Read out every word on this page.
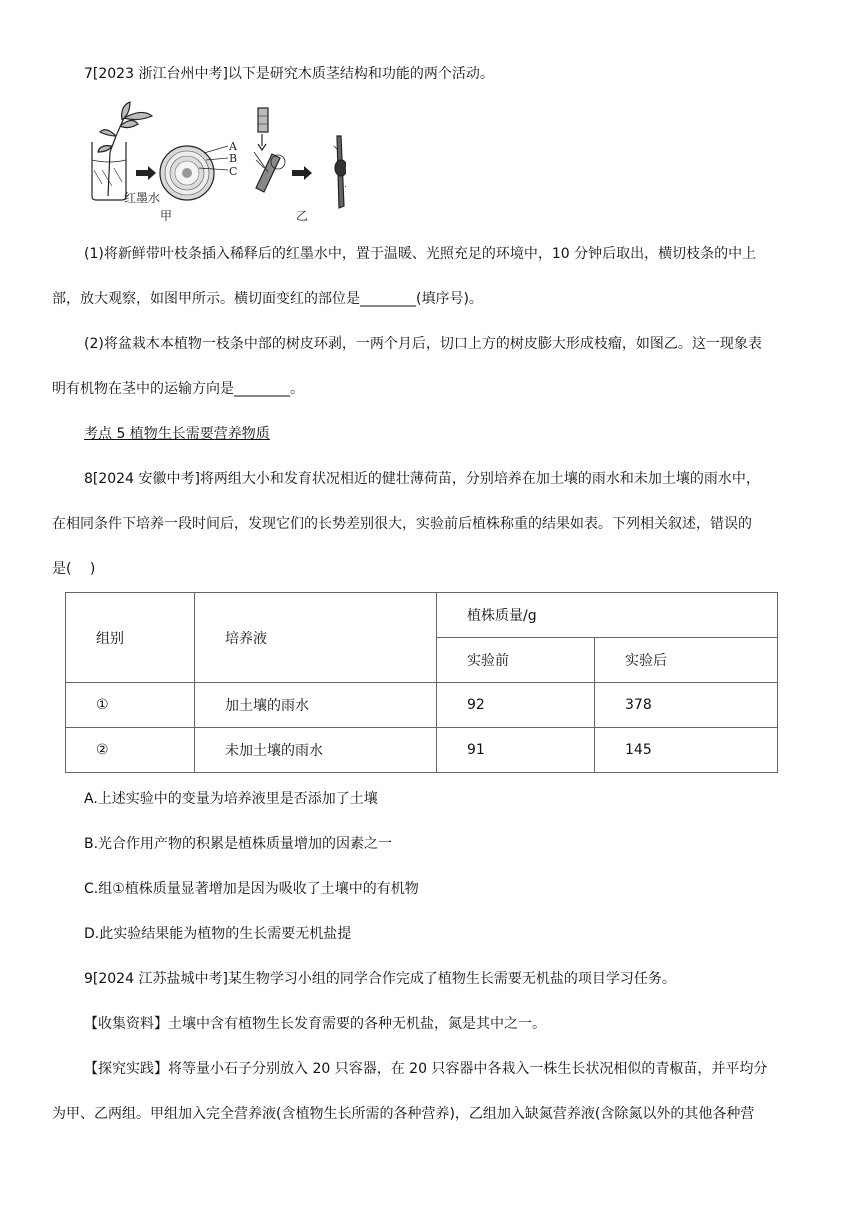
7[2023 浙江台州中考]以下是研究木质茎结构和功能的两个活动。
A
B
C
红墨水
甲	乙
(1)将新鲜带叶枝条插入稀释后的红墨水中，置于温暖、光照充足的环境中，10 分钟后取出，横切枝条的中上
部，放大观察，如图甲所示。横切面变红的部位是________(填序号)。
(2)将盆栽木本植物一枝条中部的树皮环剥，一两个月后，切口上方的树皮膨大形成枝瘤，如图乙。这一现象表
明有机物在茎中的运输方向是________。
考点 5 植物生长需要营养物质
8[2024 安徽中考]将两组大小和发育状况相近的健壮薄荷苗，分别培养在加土壤的雨水和未加土壤的雨水中，
在相同条件下培养一段时间后，发现它们的长势差别很大，实验前后植株称重的结果如表。下列相关叙述，错误的
是(　 )
组别	培养液	植株质量/g	
		实验前	实验后
①	加土壤的雨水	92	378
②	未加土壤的雨水	91	145
A.上述实验中的变量为培养液里是否添加了土壤
B.光合作用产物的积累是植株质量增加的因素之一
C.组①植株质量显著增加是因为吸收了土壤中的有机物
D.此实验结果能为植物的生长需要无机盐提
9[2024 江苏盐城中考]某生物学习小组的同学合作完成了植物生长需要无机盐的项目学习任务。
【收集资料】土壤中含有植物生长发育需要的各种无机盐，氮是其中之一。
【探究实践】将等量小石子分别放入 20 只容器，在 20 只容器中各栽入一株生长状况相似的青椒苗，并平均分
为甲、乙两组。甲组加入完全营养液(含植物生长所需的各种营养)，乙组加入缺氮营养液(含除氮以外的其他各种营
